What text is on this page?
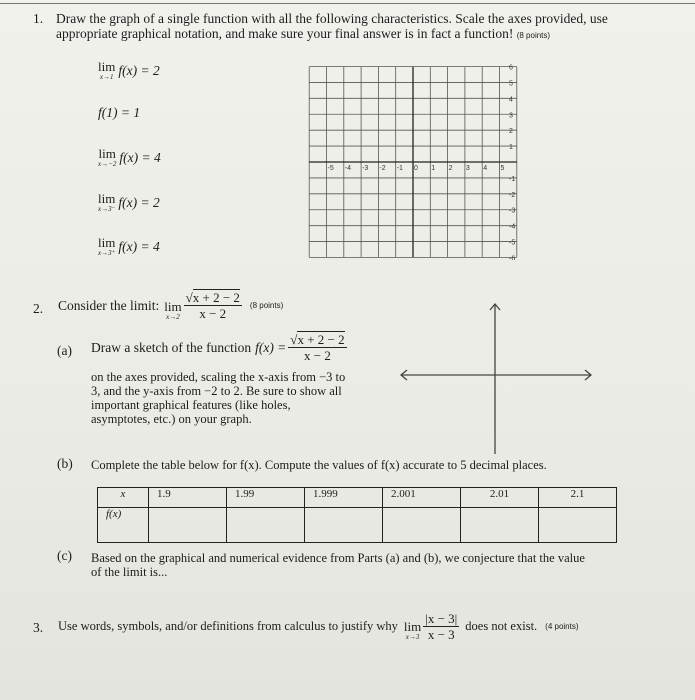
1. Draw the graph of a single function with all the following characteristics. Scale the axes provided, use
appropriate graphical notation, and make sure your final answer is in fact a function! (8 points)
lim
x→1 f(x) = 2
f(1) = 1
lim
x→−2 f(x) = 4
lim
x→3⁻ f(x) = 2
lim
x→3⁺ f(x) = 4
-5 -4 -3 -2 -1 0 1 2 3 4 5
6
5
4
3
2
1
-1
-2
-3
-4
-5
-6
2. Consider the limit: lim
$x\to 2 \frac{√x + 2 - 2}{x - 2} (8$ points)
(a) Draw a sketch of the function $f(x) = \frac{√x + 2 - 2}{x - 2}$
on the axes provided, scaling the x-axis from −3 to
3, and the y-axis from −2 to 2. Be sure to show all
important graphical features (like holes,
asymptotes, etc.) on your graph.
(b) Complete the table below for f(x). Compute the values of f(x) accurate to 5 decimal places.
x	1.9	1.99	1.999	2.001	2.01	2.1
f(x)						
(c) Based on the graphical and numerical evidence from Parts (a) and (b), we conjecture that the value
of the limit is...
3. Use words, symbols, and/or definitions from calculus to justify why lim
$x\to 3 \frac{|x - 3|}{x - 3}$ does not exist. (4 points)
